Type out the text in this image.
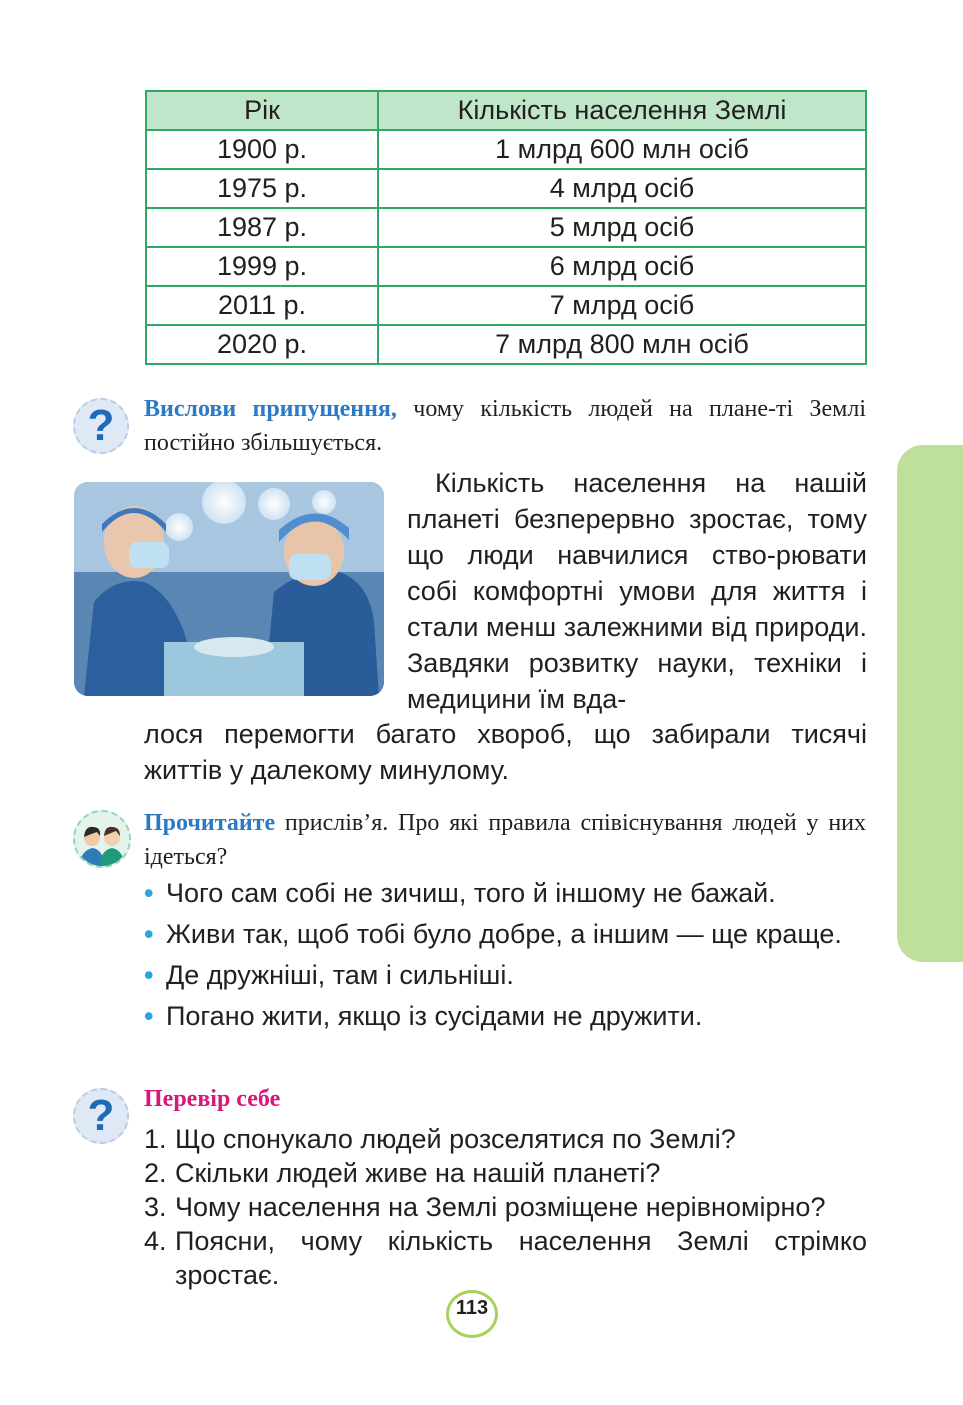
Рік	Кількість населення Землі
1900 р.	1 млрд 600 млн осіб
1975 р.	4 млрд осіб
1987 р.	5 млрд осіб
1999 р.	6 млрд осіб
2011 р.	7 млрд осіб
2020 р.	7 млрд 800 млн осіб
?	Вислови припущення, чому кількість людей на плане-ті Землі постійно збільшується.
Кількість населення на нашій планеті безперервно зростає, тому що люди навчилися ство-рювати собі комфортні умови для життя і стали менш залежними від природи. Завдяки розвитку науки, техніки і медицини їм вда-
лося перемогти багато хвороб, що забирали тисячі життів у далекому минулому.
Прочитайте прислів’я. Про які правила співіснування людей у них ідеться?
• Чого сам собі не зичиш, того й іншому не бажай.
• Живи так, щоб тобі було добре, а іншим — ще краще.
• Де дружніші, там і сильніші.
• Погано жити, якщо із сусідами не дружити.
?	Перевір себе
1. Що спонукало людей розселятися по Землі?
2. Скільки людей живе на нашій планеті?
3. Чому населення на Землі розміщене нерівномірно?
4. Поясни, чому кількість населення Землі стрімко зростає.
113
